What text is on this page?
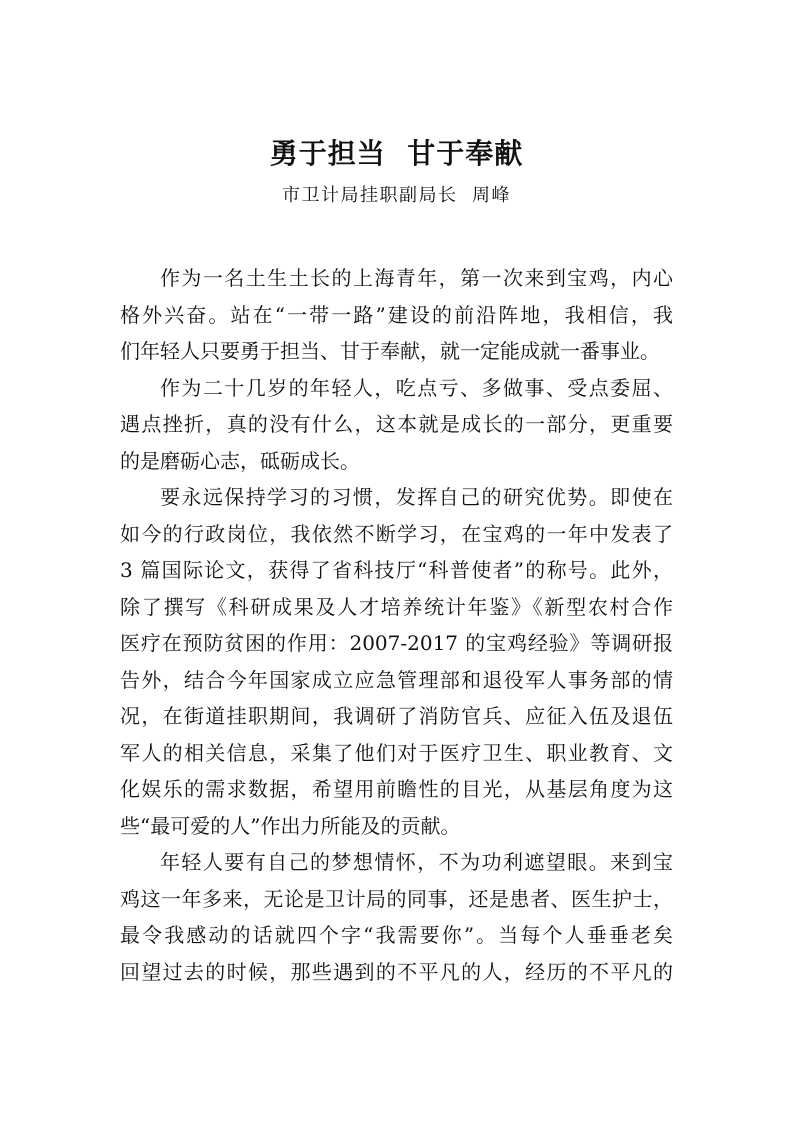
勇于担当  甘于奉献
市卫计局挂职副局长  周峰
作为一名土生土长的上海青年，第一次来到宝鸡，内心
格外兴奋。站在“一带一路”建设的前沿阵地，我相信，我
们年轻人只要勇于担当、甘于奉献，就一定能成就一番事业。
作为二十几岁的年轻人，吃点亏、多做事、受点委屈、
遇点挫折，真的没有什么，这本就是成长的一部分，更重要
的是磨砺心志，砥砺成长。
要永远保持学习的习惯，发挥自己的研究优势。即使在
如今的行政岗位，我依然不断学习，在宝鸡的一年中发表了
3 篇国际论文，获得了省科技厅“科普使者”的称号。此外，
除了撰写《科研成果及人才培养统计年鉴》《新型农村合作
医疗在预防贫困的作用：2007-2017 的宝鸡经验》等调研报
告外，结合今年国家成立应急管理部和退役军人事务部的情
况，在街道挂职期间，我调研了消防官兵、应征入伍及退伍
军人的相关信息，采集了他们对于医疗卫生、职业教育、文
化娱乐的需求数据，希望用前瞻性的目光，从基层角度为这
些“最可爱的人”作出力所能及的贡献。
年轻人要有自己的梦想情怀，不为功利遮望眼。来到宝
鸡这一年多来，无论是卫计局的同事，还是患者、医生护士，
最令我感动的话就四个字“我需要你”。当每个人垂垂老矣
回望过去的时候，那些遇到的不平凡的人，经历的不平凡的
